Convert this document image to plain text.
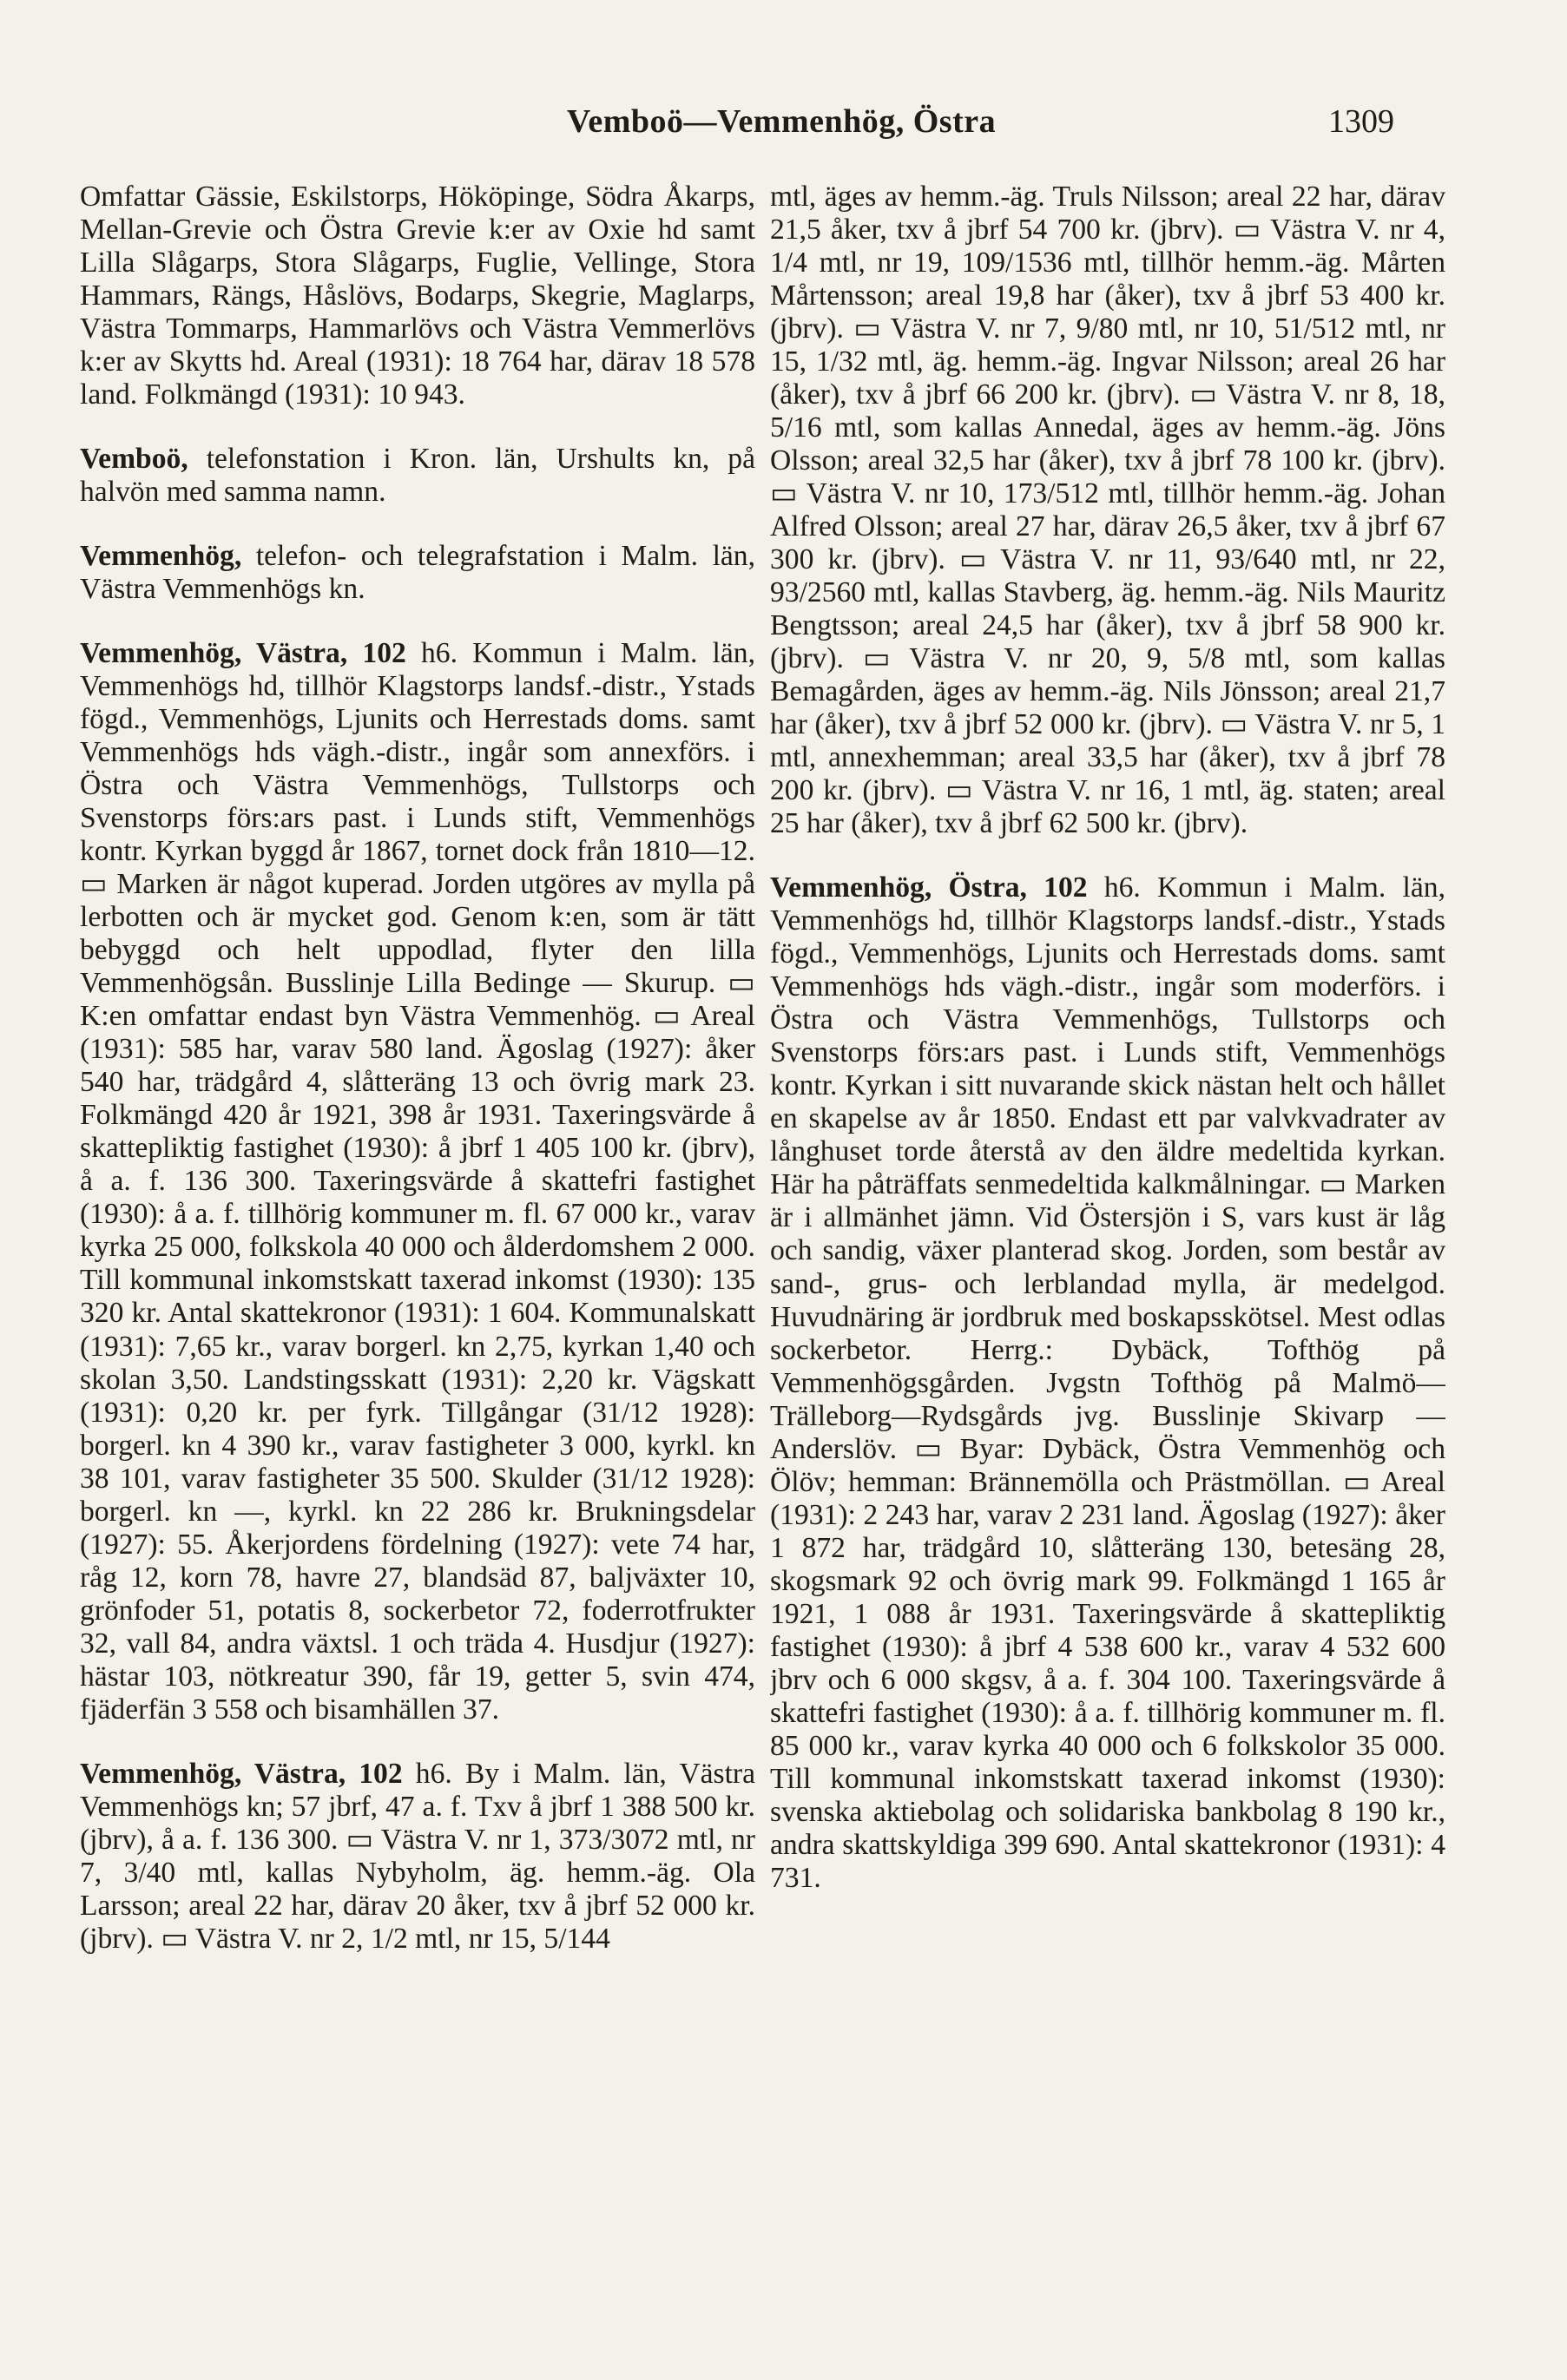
Vemboö—Vemmenhög, Östra	1309

Omfattar Gässie, Eskilstorps, Hököpinge, Södra Åkarps, Mellan-Grevie och Östra Grevie k:er av Oxie hd samt Lilla Slågarps, Stora Slågarps, Fuglie, Vellinge, Stora Hammars, Rängs, Håslövs, Bodarps, Skegrie, Maglarps, Västra Tommarps, Hammarlövs och Västra Vemmerlövs k:er av Skytts hd. Areal (1931): 18 764 har, därav 18 578 land. Folkmängd (1931): 10 943.

Vemboö, telefonstation i Kron. län, Urshults kn, på halvön med samma namn.

Vemmenhög, telefon- och telegrafstation i Malm. län, Västra Vemmenhögs kn.

Vemmenhög, Västra, 102 h6. Kommun i Malm. län, Vemmenhögs hd, tillhör Klagstorps landsf.-distr., Ystads fögd., Vemmenhögs, Ljunits och Herrestads doms. samt Vemmenhögs hds vägh.-distr., ingår som annexförs. i Östra och Västra Vemmenhögs, Tullstorps och Svenstorps förs:ars past. i Lunds stift, Vemmenhögs kontr. Kyrkan byggd år 1867, tornet dock från 1810—12. ▭ Marken är något kuperad. Jorden utgöres av mylla på lerbotten och är mycket god. Genom k:en, som är tätt bebyggd och helt uppodlad, flyter den lilla Vemmenhögsån. Busslinje Lilla Bedinge — Skurup. ▭ K:en omfattar endast byn Västra Vemmenhög. ▭ Areal (1931): 585 har, varav 580 land. Ägoslag (1927): åker 540 har, trädgård 4, slåtteräng 13 och övrig mark 23. Folkmängd 420 år 1921, 398 år 1931. Taxeringsvärde å skattepliktig fastighet (1930): å jbrf 1 405 100 kr. (jbrv), å a. f. 136 300. Taxeringsvärde å skattefri fastighet (1930): å a. f. tillhörig kommuner m. fl. 67 000 kr., varav kyrka 25 000, folkskola 40 000 och ålderdomshem 2 000. Till kommunal inkomstskatt taxerad inkomst (1930): 135 320 kr. Antal skattekronor (1931): 1 604. Kommunalskatt (1931): 7,65 kr., varav borgerl. kn 2,75, kyrkan 1,40 och skolan 3,50. Landstingsskatt (1931): 2,20 kr. Vägskatt (1931): 0,20 kr. per fyrk. Tillgångar (31/12 1928): borgerl. kn 4 390 kr., varav fastigheter 3 000, kyrkl. kn 38 101, varav fastigheter 35 500. Skulder (31/12 1928): borgerl. kn —, kyrkl. kn 22 286 kr. Brukningsdelar (1927): 55. Åkerjordens fördelning (1927): vete 74 har, råg 12, korn 78, havre 27, blandsäd 87, baljväxter 10, grönfoder 51, potatis 8, sockerbetor 72, foderrotfrukter 32, vall 84, andra växtsl. 1 och träda 4. Husdjur (1927): hästar 103, nötkreatur 390, får 19, getter 5, svin 474, fjäderfän 3 558 och bisamhällen 37.

Vemmenhög, Västra, 102 h6. By i Malm. län, Västra Vemmenhögs kn; 57 jbrf, 47 a. f. Txv å jbrf 1 388 500 kr. (jbrv), å a. f. 136 300. ▭ Västra V. nr 1, 373/3072 mtl, nr 7, 3/40 mtl, kallas Nybyholm, äg. hemm.-äg. Ola Larsson; areal 22 har, därav 20 åker, txv å jbrf 52 000 kr. (jbrv). ▭ Västra V. nr 2, 1/2 mtl, nr 15, 5/144

mtl, äges av hemm.-äg. Truls Nilsson; areal 22 har, därav 21,5 åker, txv å jbrf 54 700 kr. (jbrv). ▭ Västra V. nr 4, 1/4 mtl, nr 19, 109/1536 mtl, tillhör hemm.-äg. Mårten Mårtensson; areal 19,8 har (åker), txv å jbrf 53 400 kr. (jbrv). ▭ Västra V. nr 7, 9/80 mtl, nr 10, 51/512 mtl, nr 15, 1/32 mtl, äg. hemm.-äg. Ingvar Nilsson; areal 26 har (åker), txv å jbrf 66 200 kr. (jbrv). ▭ Västra V. nr 8, 18, 5/16 mtl, som kallas Annedal, äges av hemm.-äg. Jöns Olsson; areal 32,5 har (åker), txv å jbrf 78 100 kr. (jbrv). ▭ Västra V. nr 10, 173/512 mtl, tillhör hemm.-äg. Johan Alfred Olsson; areal 27 har, därav 26,5 åker, txv å jbrf 67 300 kr. (jbrv). ▭ Västra V. nr 11, 93/640 mtl, nr 22, 93/2560 mtl, kallas Stavberg, äg. hemm.-äg. Nils Mauritz Bengtsson; areal 24,5 har (åker), txv å jbrf 58 900 kr. (jbrv). ▭ Västra V. nr 20, 9, 5/8 mtl, som kallas Bemagården, äges av hemm.-äg. Nils Jönsson; areal 21,7 har (åker), txv å jbrf 52 000 kr. (jbrv). ▭ Västra V. nr 5, 1 mtl, annexhemman; areal 33,5 har (åker), txv å jbrf 78 200 kr. (jbrv). ▭ Västra V. nr 16, 1 mtl, äg. staten; areal 25 har (åker), txv å jbrf 62 500 kr. (jbrv).

Vemmenhög, Östra, 102 h6. Kommun i Malm. län, Vemmenhögs hd, tillhör Klagstorps landsf.-distr., Ystads fögd., Vemmenhögs, Ljunits och Herrestads doms. samt Vemmenhögs hds vägh.-distr., ingår som moderförs. i Östra och Västra Vemmenhögs, Tullstorps och Svenstorps förs:ars past. i Lunds stift, Vemmenhögs kontr. Kyrkan i sitt nuvarande skick nästan helt och hållet en skapelse av år 1850. Endast ett par valvkvadrater av långhuset torde återstå av den äldre medeltida kyrkan. Här ha påträffats senmedeltida kalkmålningar. ▭ Marken är i allmänhet jämn. Vid Östersjön i S, vars kust är låg och sandig, växer planterad skog. Jorden, som består av sand-, grus- och lerblandad mylla, är medelgod. Huvudnäring är jordbruk med boskapsskötsel. Mest odlas sockerbetor. Herrg.: Dybäck, Tofthög på Vemmenhögsgården. Jvgstn Tofthög på Malmö—Trälleborg—Rydsgårds jvg. Busslinje Skivarp — Anderslöv. ▭ Byar: Dybäck, Östra Vemmenhög och Ölöv; hemman: Brännemölla och Prästmöllan. ▭ Areal (1931): 2 243 har, varav 2 231 land. Ägoslag (1927): åker 1 872 har, trädgård 10, slåtteräng 130, betesäng 28, skogsmark 92 och övrig mark 99. Folkmängd 1 165 år 1921, 1 088 år 1931. Taxeringsvärde å skattepliktig fastighet (1930): å jbrf 4 538 600 kr., varav 4 532 600 jbrv och 6 000 skgsv, å a. f. 304 100. Taxeringsvärde å skattefri fastighet (1930): å a. f. tillhörig kommuner m. fl. 85 000 kr., varav kyrka 40 000 och 6 folkskolor 35 000. Till kommunal inkomstskatt taxerad inkomst (1930): svenska aktiebolag och solidariska bankbolag 8 190 kr., andra skattskyldiga 399 690. Antal skattekronor (1931): 4 731.
